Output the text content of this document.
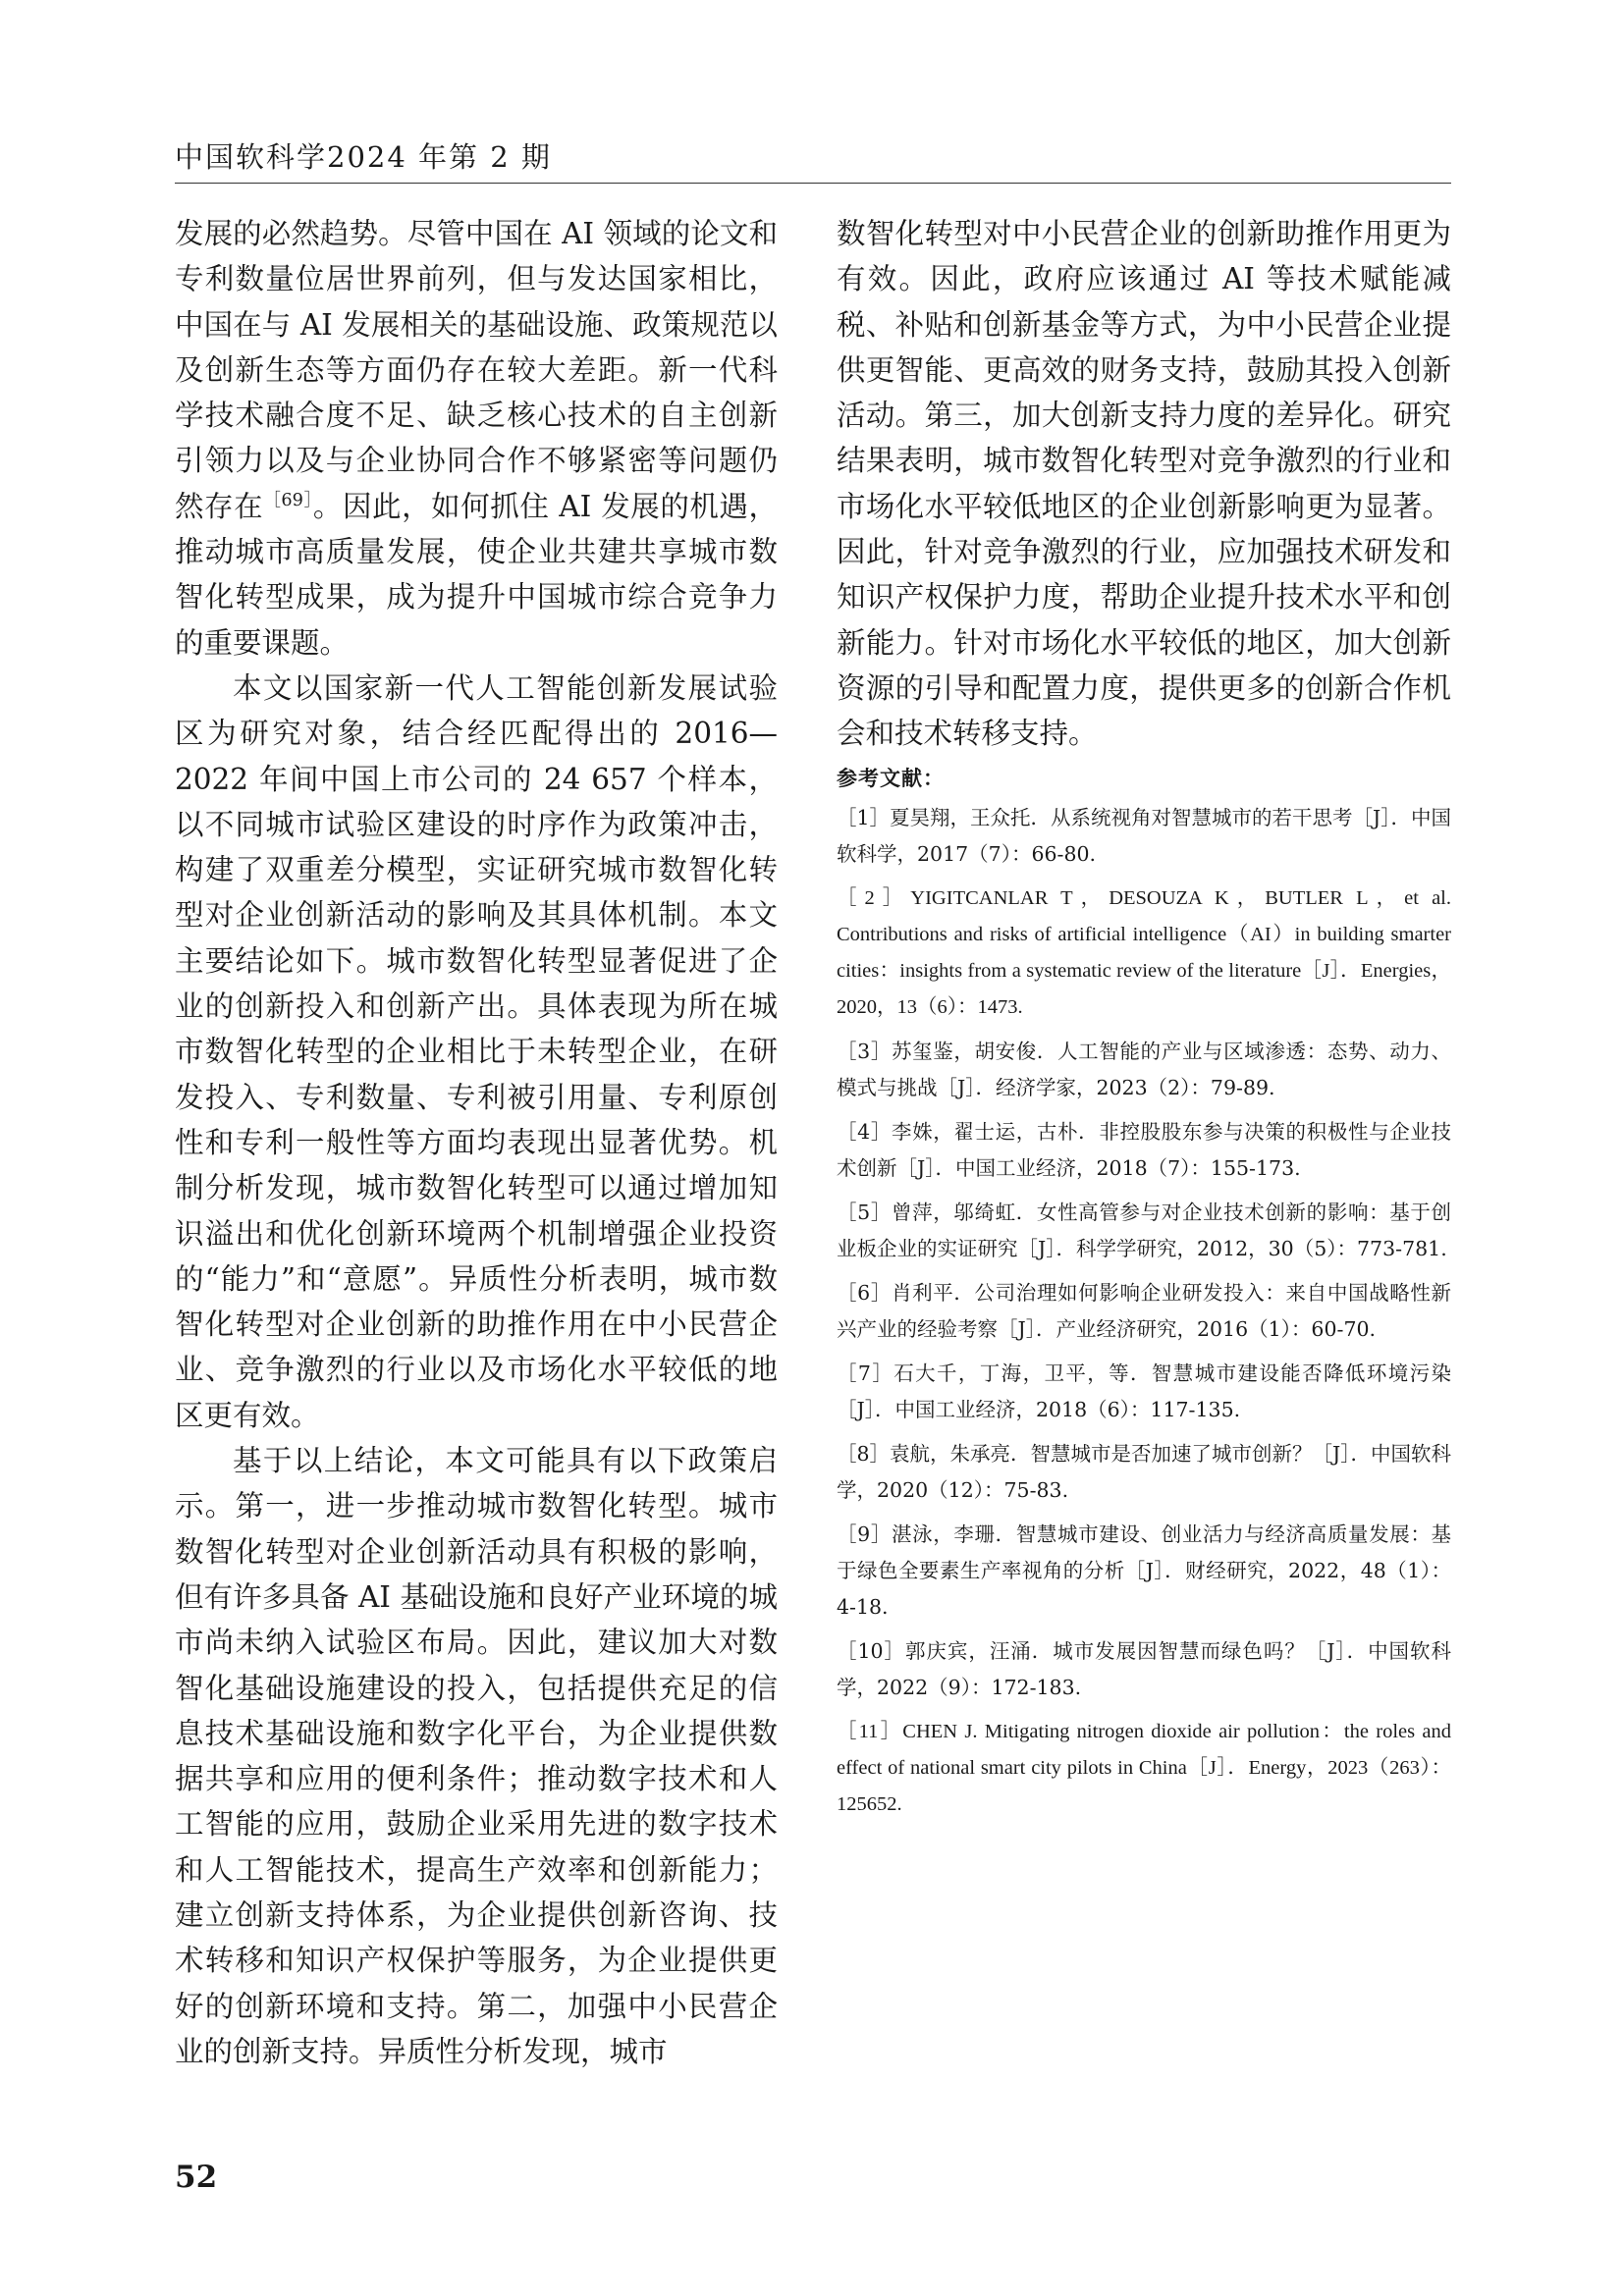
中国软科学2024 年第 2 期

发展的必然趋势。尽管中国在 AI 领域的论文和专利数量位居世界前列，但与发达国家相比，中国在与 AI 发展相关的基础设施、政策规范以及创新生态等方面仍存在较大差距。新一代科学技术融合度不足、缺乏核心技术的自主创新引领力以及与企业协同合作不够紧密等问题仍然存在$^{[69]}$。因此，如何抓住 AI 发展的机遇，推动城市高质量发展，使企业共建共享城市数智化转型成果，成为提升中国城市综合竞争力的重要课题。

本文以国家新一代人工智能创新发展试验区为研究对象，结合经匹配得出的 2016—2022 年间中国上市公司的 24 657 个样本，以不同城市试验区建设的时序作为政策冲击，构建了双重差分模型，实证研究城市数智化转型对企业创新活动的影响及其具体机制。本文主要结论如下。城市数智化转型显著促进了企业的创新投入和创新产出。具体表现为所在城市数智化转型的企业相比于未转型企业，在研发投入、专利数量、专利被引用量、专利原创性和专利一般性等方面均表现出显著优势。机制分析发现，城市数智化转型可以通过增加知识溢出和优化创新环境两个机制增强企业投资的“能力”和“意愿”。异质性分析表明，城市数智化转型对企业创新的助推作用在中小民营企业、竞争激烈的行业以及市场化水平较低的地区更有效。

基于以上结论，本文可能具有以下政策启示。第一，进一步推动城市数智化转型。城市数智化转型对企业创新活动具有积极的影响，但有许多具备 AI 基础设施和良好产业环境的城市尚未纳入试验区布局。因此，建议加大对数智化基础设施建设的投入，包括提供充足的信息技术基础设施和数字化平台，为企业提供数据共享和应用的便利条件；推动数字技术和人工智能的应用，鼓励企业采用先进的数字技术和人工智能技术，提高生产效率和创新能力；建立创新支持体系，为企业提供创新咨询、技术转移和知识产权保护等服务，为企业提供更好的创新环境和支持。第二，加强中小民营企业的创新支持。异质性分析发现，城市

数智化转型对中小民营企业的创新助推作用更为有效。因此，政府应该通过 AI 等技术赋能减税、补贴和创新基金等方式，为中小民营企业提供更智能、更高效的财务支持，鼓励其投入创新活动。第三，加大创新支持力度的差异化。研究结果表明，城市数智化转型对竞争激烈的行业和市场化水平较低地区的企业创新影响更为显著。因此，针对竞争激烈的行业，应加强技术研发和知识产权保护力度，帮助企业提升技术水平和创新能力。针对市场化水平较低的地区，加大创新资源的引导和配置力度，提供更多的创新合作机会和技术转移支持。

参考文献：
［1］夏昊翔，王众托．从系统视角对智慧城市的若干思考［J］．中国软科学，2017（7）：66-80.
［2］YIGITCANLAR T，DESOUZA K，BUTLER L，et al. Contributions and risks of artificial intelligence（AI）in building smarter cities：insights from a systematic review of the literature［J］．Energies，2020，13（6）：1473.
［3］苏玺鉴，胡安俊．人工智能的产业与区域渗透：态势、动力、模式与挑战［J］．经济学家，2023（2）：79-89.
［4］李姝，翟士运，古朴．非控股股东参与决策的积极性与企业技术创新［J］．中国工业经济，2018（7）：155-173.
［5］曾萍，邬绮虹．女性高管参与对企业技术创新的影响：基于创业板企业的实证研究［J］．科学学研究，2012，30（5）：773-781.
［6］肖利平．公司治理如何影响企业研发投入：来自中国战略性新兴产业的经验考察［J］．产业经济研究，2016（1）：60-70.
［7］石大千，丁海，卫平，等．智慧城市建设能否降低环境污染［J］．中国工业经济，2018（6）：117-135.
［8］袁航，朱承亮．智慧城市是否加速了城市创新？［J］．中国软科学，2020（12）：75-83.
［9］湛泳，李珊．智慧城市建设、创业活力与经济高质量发展：基于绿色全要素生产率视角的分析［J］．财经研究，2022，48（1）：4-18.
［10］郭庆宾，汪涌．城市发展因智慧而绿色吗？［J］．中国软科学，2022（9）：172-183.
［11］CHEN J. Mitigating nitrogen dioxide air pollution：the roles and effect of national smart city pilots in China［J］．Energy，2023（263）：125652.
52
